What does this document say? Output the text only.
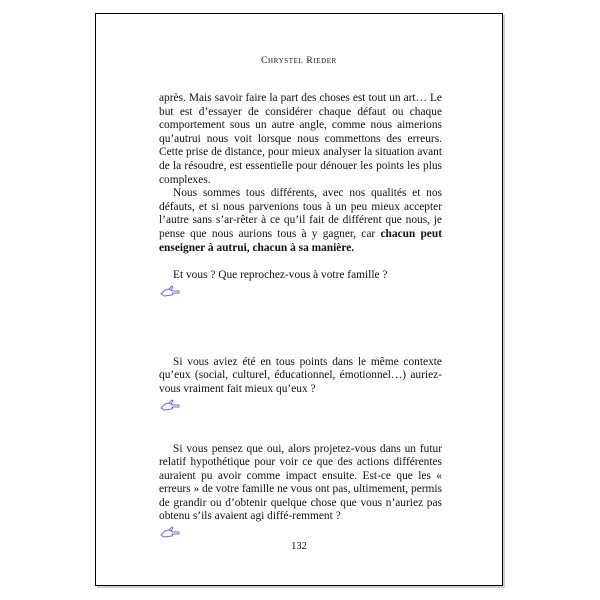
Chrystel Rieder

après. Mais savoir faire la part des choses est tout un art… Le but est d’essayer de considérer chaque défaut ou chaque comportement sous un autre angle, comme nous aimerions qu’autrui nous voit lorsque nous commettons des erreurs. Cette prise de distance, pour mieux analyser la situation avant de la résoudre, est essentielle pour dénouer les points les plus complexes.

Nous sommes tous différents, avec nos qualités et nos défauts, et si nous parvenions tous à un peu mieux accepter l’autre sans s’ar-rêter à ce qu’il fait de différent que nous, je pense que nous aurions tous à y gagner, car chacun peut enseigner à autrui, chacun à sa manière.

Et vous ? Que reprochez-vous à votre famille ?

Si vous aviez été en tous points dans le même contexte qu’eux (social, culturel, éducationnel, émotionnel…) auriez-vous vraiment fait mieux qu’eux ?

Si vous pensez que oui, alors projetez-vous dans un futur relatif hypothétique pour voir ce que des actions différentes auraient pu avoir comme impact ensuite. Est-ce que les « erreurs » de votre famille ne vous ont pas, ultimement, permis de grandir ou d’obtenir quelque chose que vous n’auriez pas obtenu s’ils avaient agi diffé-remment ?

132
